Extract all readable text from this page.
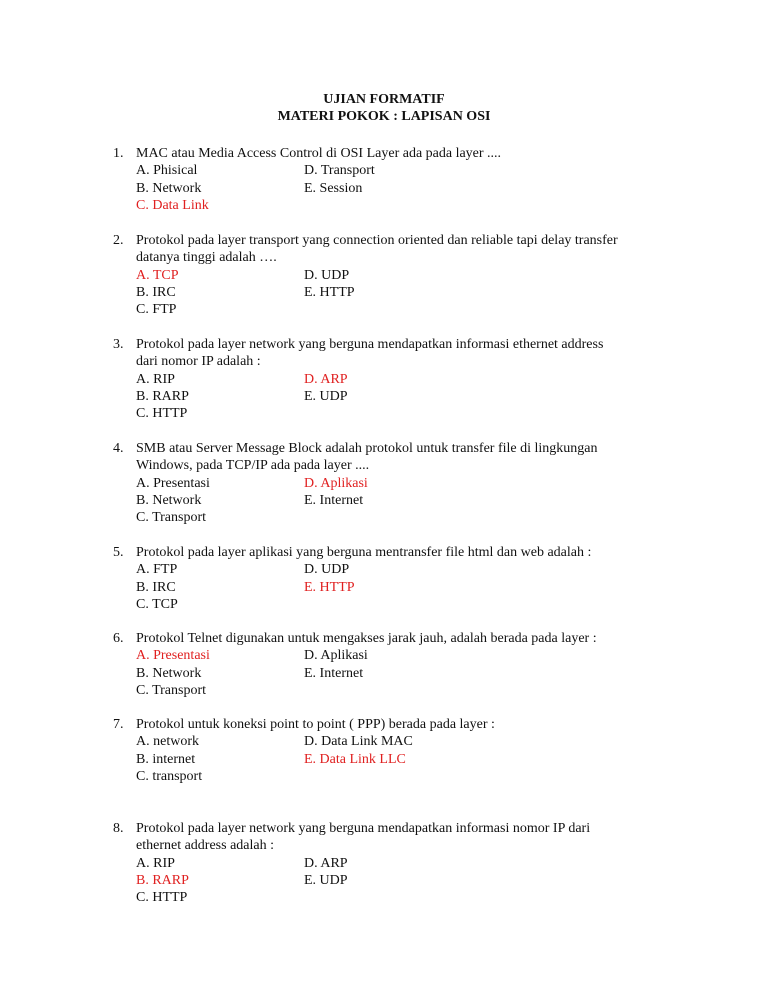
UJIAN FORMATIF
MATERI POKOK : LAPISAN OSI
1. MAC atau Media Access Control di OSI Layer ada pada layer ....
A. Phisical	D. Transport
B. Network	E. Session
C. Data Link
2. Protokol pada layer transport yang connection oriented dan reliable tapi delay transfer
datanya tinggi adalah ….
A. TCP	D. UDP
B. IRC	E. HTTP
C. FTP
3. Protokol pada layer network yang berguna mendapatkan informasi ethernet address
dari nomor IP adalah :
A. RIP	D. ARP
B. RARP	E. UDP
C. HTTP
4. SMB atau Server Message Block adalah protokol untuk transfer file di lingkungan
Windows, pada TCP/IP ada pada layer ....
A. Presentasi	D. Aplikasi
B. Network	E. Internet
C. Transport
5. Protokol pada layer aplikasi yang berguna mentransfer file html dan web adalah :
A. FTP	D. UDP
B. IRC	E. HTTP
C. TCP
6. Protokol Telnet digunakan untuk mengakses jarak jauh, adalah berada pada layer :
A. Presentasi	D. Aplikasi
B. Network	E. Internet
C. Transport
7. Protokol untuk koneksi point to point ( PPP) berada pada layer :
A. network	D. Data Link MAC
B. internet	E. Data Link LLC
C. transport
8. Protokol pada layer network yang berguna mendapatkan informasi nomor IP dari
ethernet address adalah :
A. RIP	D. ARP
B. RARP	E. UDP
C. HTTP
